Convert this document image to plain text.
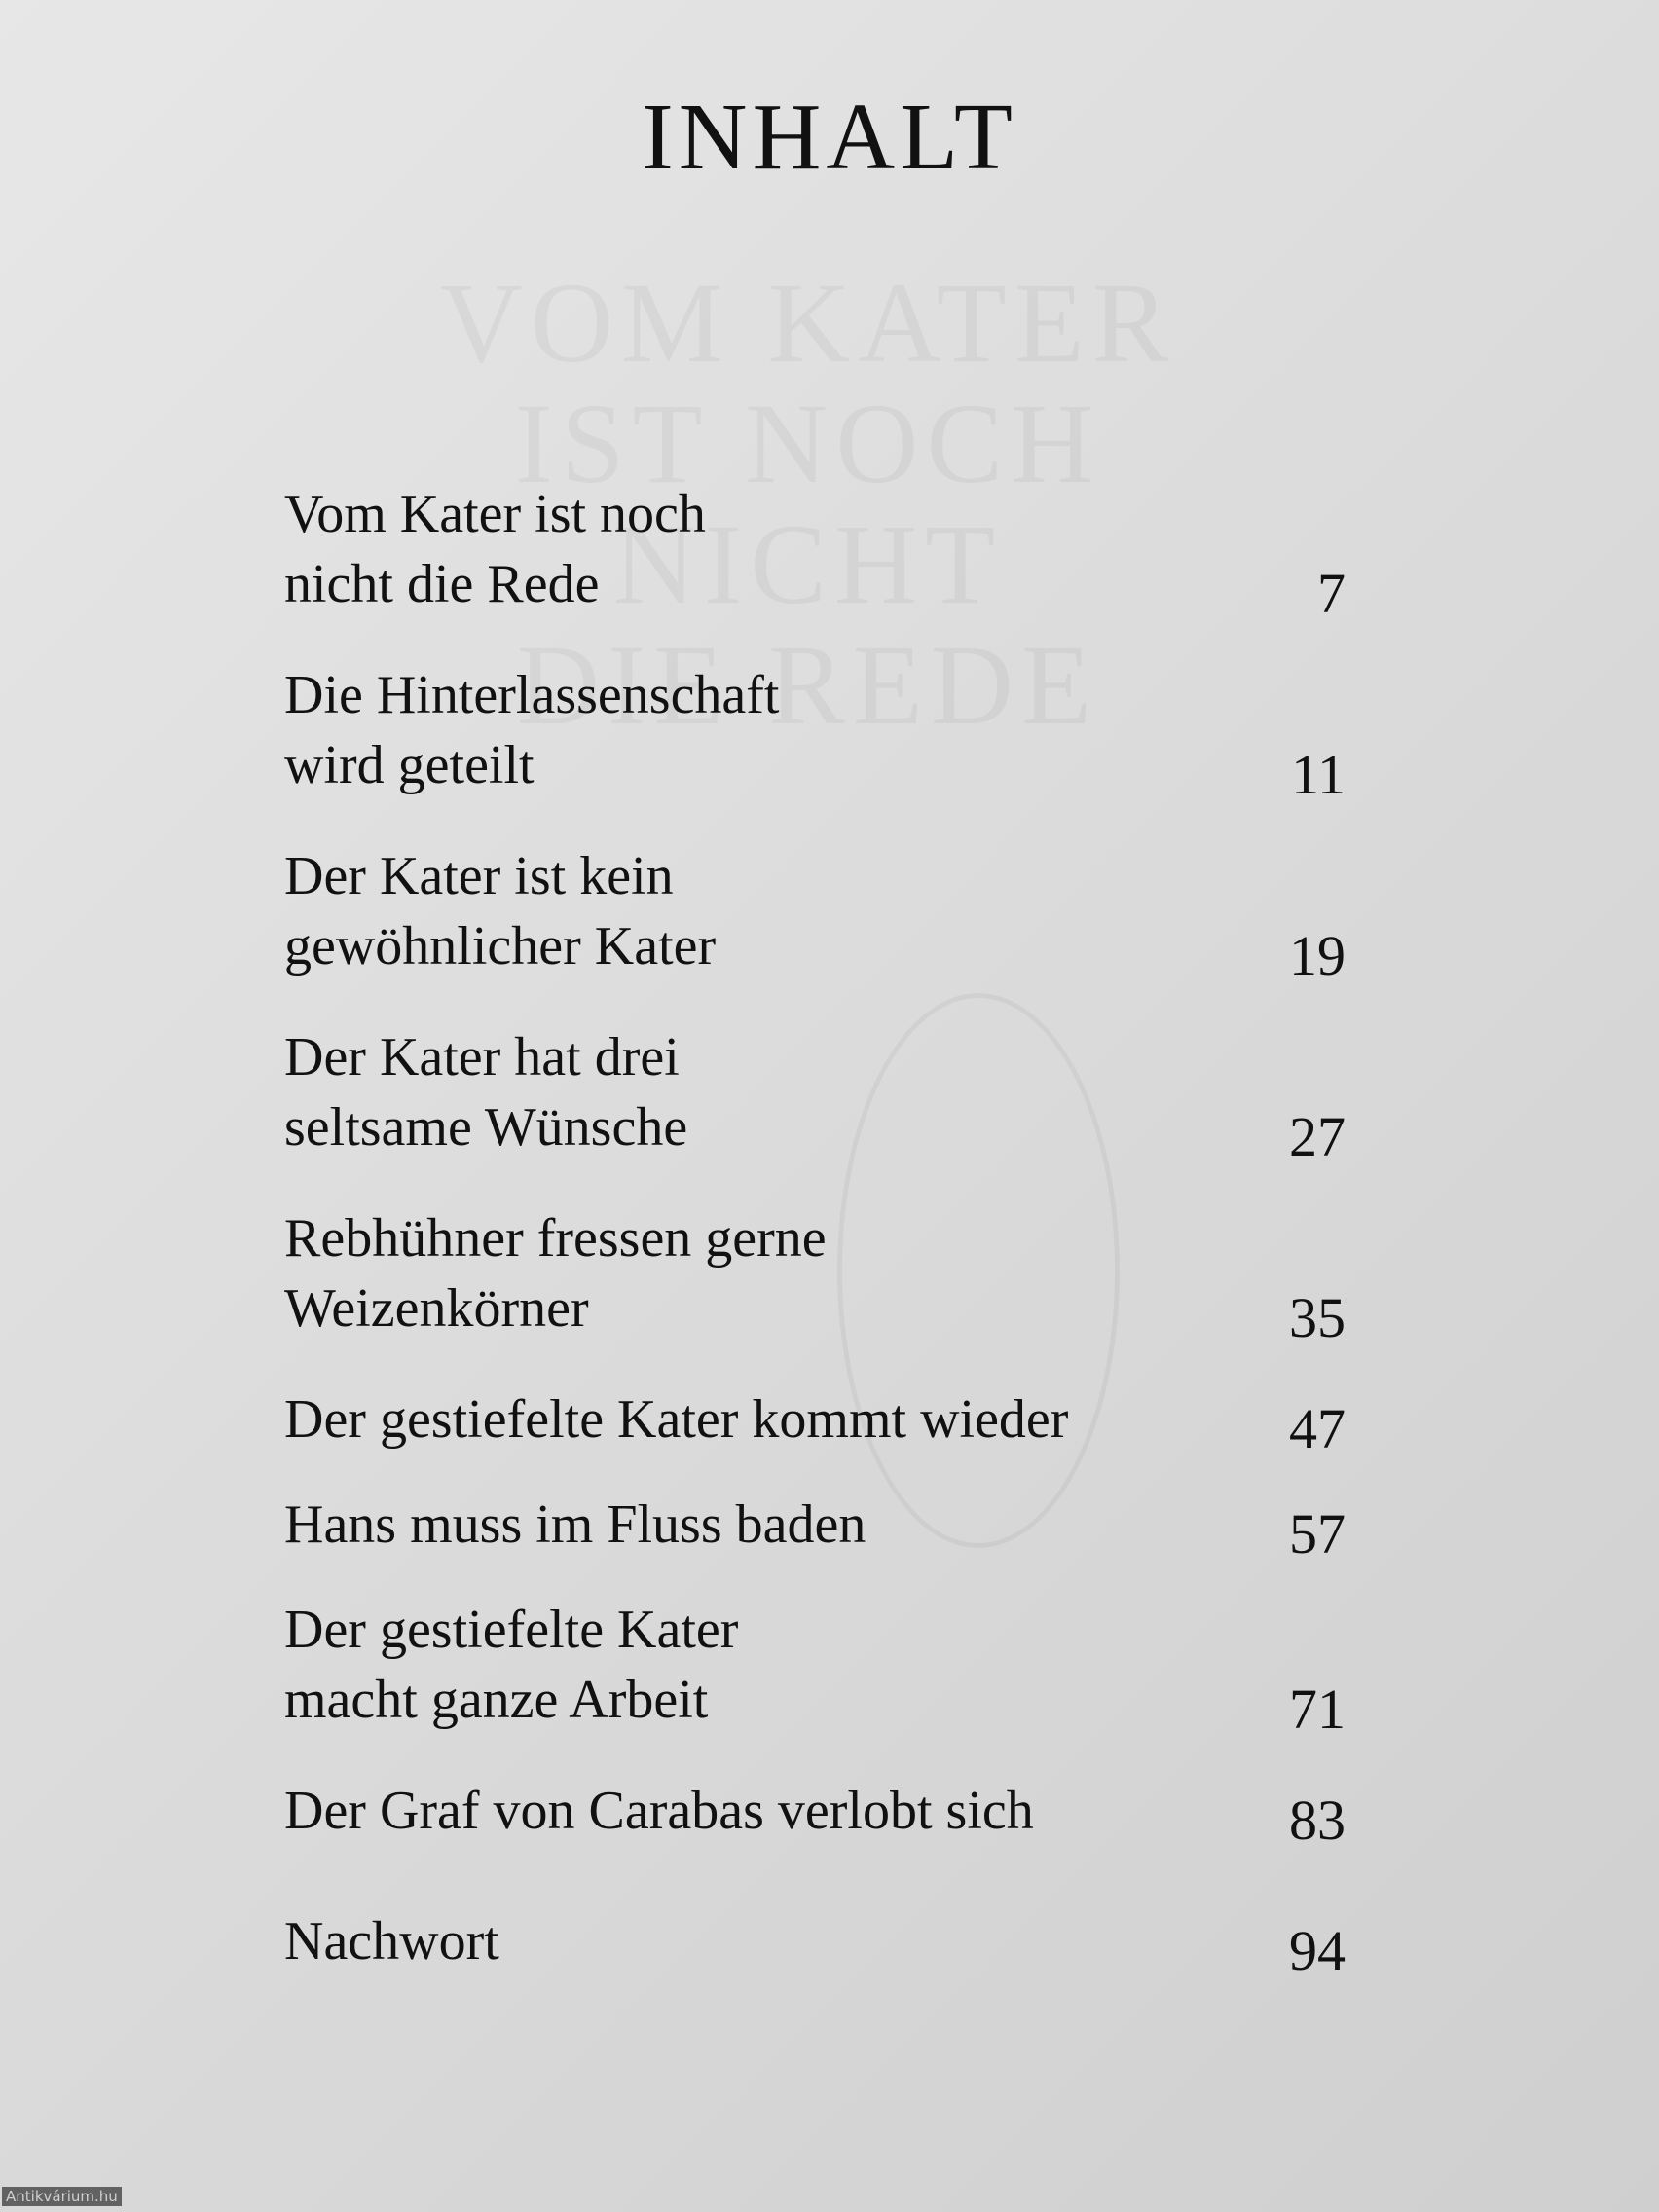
INHALT
Vom Kater ist noch
nicht die Rede	7
Die Hinterlassenschaft
wird geteilt	11
Der Kater ist kein
gewöhnlicher Kater	19
Der Kater hat drei
seltsame Wünsche	27
Rebhühner fressen gerne
Weizenkörner	35
Der gestiefelte Kater kommt wieder	47
Hans muss im Fluss baden	57
Der gestiefelte Kater
macht ganze Arbeit	71
Der Graf von Carabas verlobt sich	83
Nachwort	94
Antikvárium.hu
